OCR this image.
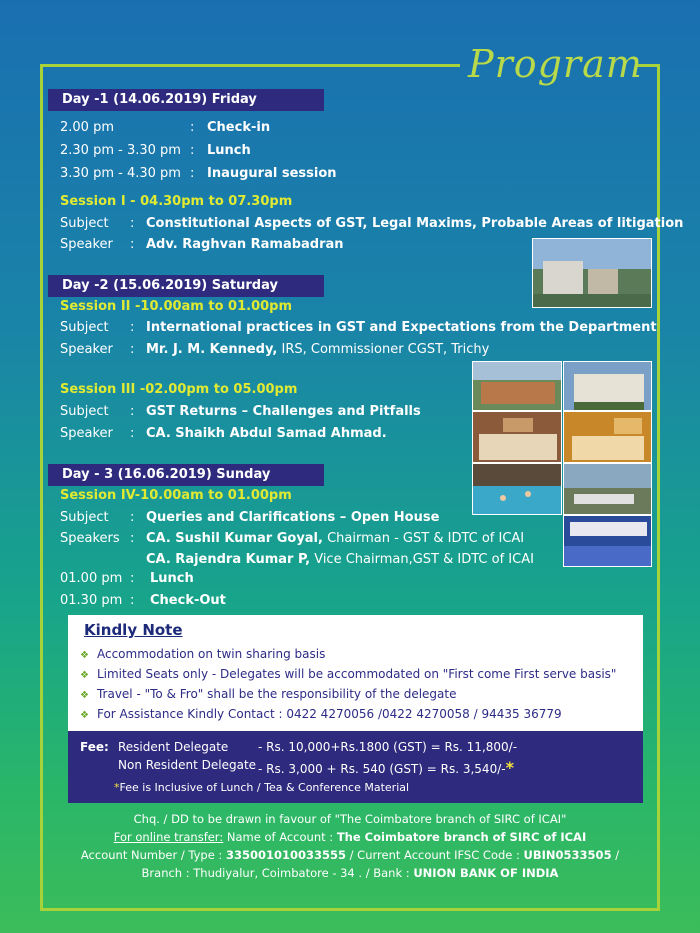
Program
Day -1 (14.06.2019) Friday
2.00 pm	: Check-in
2.30 pm - 3.30 pm : Lunch
3.30 pm - 4.30 pm : Inaugural session
Session I - 04.30pm to 07.30pm
Subject : Constitutional Aspects of GST, Legal Maxims, Probable Areas of litigation
Speaker : Adv. Raghvan Ramabadran
Day -2 (15.06.2019) Saturday
Session II -10.00am to 01.00pm
Subject : International practices in GST and Expectations from the Department
Speaker : Mr. J. M. Kennedy, IRS, Commissioner CGST, Trichy
Session III -02.00pm to 05.00pm
Subject : GST Returns – Challenges and Pitfalls
Speaker : CA. Shaikh Abdul Samad Ahmad.
Day - 3 (16.06.2019) Sunday
Session IV-10.00am to 01.00pm
Subject : Queries and Clarifications – Open House
Speakers : CA. Sushil Kumar Goyal, Chairman - GST & IDTC of ICAI
CA. Rajendra Kumar P, Vice Chairman,GST & IDTC of ICAI
01.00 pm : Lunch
01.30 pm : Check-Out
Kindly Note
❖ Accommodation on twin sharing basis
❖ Limited Seats only - Delegates will be accommodated on "First come First serve basis"
❖ Travel - "To & Fro" shall be the responsibility of the delegate
❖ For Assistance Kindly Contact : 0422 4270056 /0422 4270058 / 94435 36779
Fee: Resident Delegate - Rs. 10,000+Rs.1800 (GST) = Rs. 11,800/-
Non Resident Delegate - Rs. 3,000 + Rs. 540 (GST) = Rs. 3,540/-*
*Fee is Inclusive of Lunch / Tea & Conference Material
Chq. / DD to be drawn in favour of "The Coimbatore branch of SIRC of ICAI"
For online transfer: Name of Account : The Coimbatore branch of SIRC of ICAI
Account Number / Type : 335001010033555 / Current Account IFSC Code : UBIN0533505 /
Branch : Thudiyalur, Coimbatore - 34 . / Bank : UNION BANK OF INDIA
